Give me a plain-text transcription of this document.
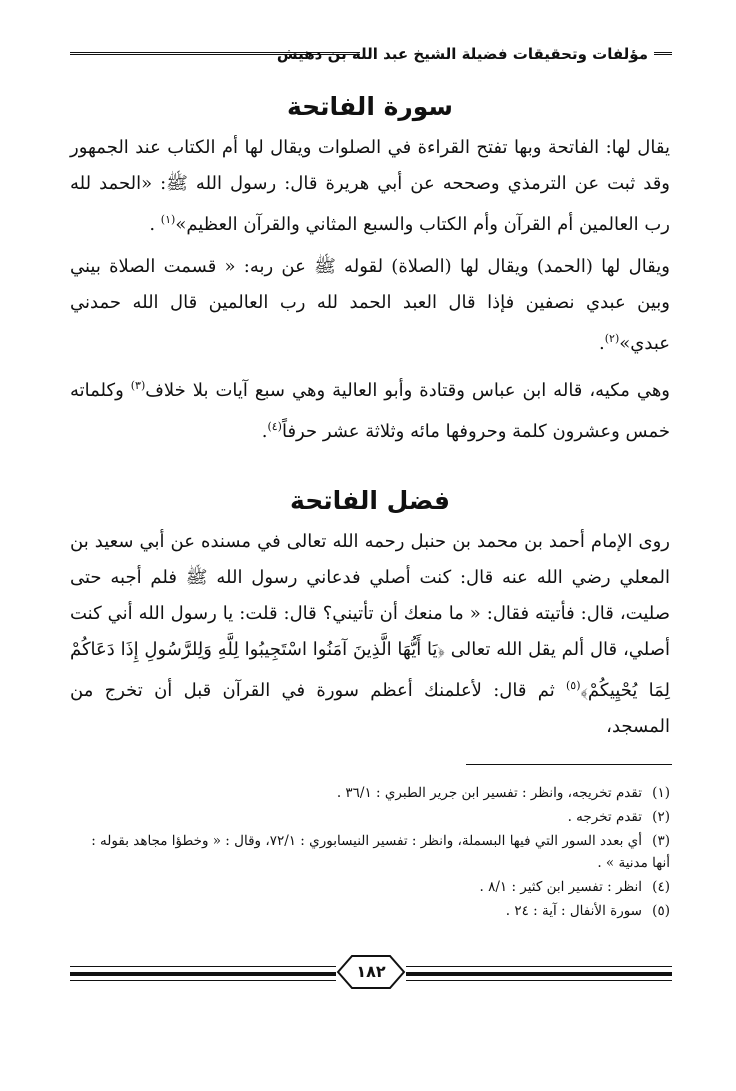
مؤلفات وتحقيقات فضيلة الشيخ عبد الله بن دهيش
سورة الفاتحة

يقال لها: الفاتحة وبها تفتح القراءة في الصلوات ويقال لها أم الكتاب عند الجمهور وقد ثبت عن الترمذي وصححه عن أبي هريرة قال: رسول الله ﷺ: «الحمد لله رب العالمين أم القرآن وأم الكتاب والسبع المثاني والقرآن العظيم»$^{(١)}$ .

ويقال لها (الحمد) ويقال لها (الصلاة) لقوله ﷺ عن ربه: « قسمت الصلاة بيني وبين عبدي نصفين فإذا قال العبد الحمد لله رب العالمين قال الله حمدني عبدي»$^{(٢)}$.

وهي مكيه، قاله ابن عباس وقتادة وأبو العالية وهي سبع آيات بلا خلاف$^{(٣)}$ وكلماته خمس وعشرون كلمة وحروفها مائه وثلاثة عشر حرفاً$^{(٤)}$.

فضل الفاتحة

روى الإمام أحمد بن محمد بن حنبل رحمه الله تعالى في مسنده عن أبي سعيد بن المعلي رضي الله عنه قال: كنت أصلي فدعاني رسول الله ﷺ فلم أجبه حتى صليت، قال: فأتيته فقال: « ما منعك أن تأتيني؟ قال: قلت: يا رسول الله أني كنت أصلي، قال ألم يقل الله تعالى ﴿يَا أَيُّهَا الَّذِينَ آمَنُوا اسْتَجِيبُوا لِلَّهِ وَلِلرَّسُولِ إِذَا دَعَاكُمْ لِمَا يُحْيِيكُمْ﴾$^{(٥)}$ ثم قال: لأعلمنك أعظم سورة في القرآن قبل أن تخرج من المسجد،

(١)تقدم تخريجه، وانظر : تفسير ابن جرير الطبري : ٣٦/١ .
(٢)تقدم تخرجه .
(٣)أي بعدد السور التي فيها البسملة، وانظر : تفسير النيسابوري : ٧٢/١، وقال : « وخطؤا مجاهد بقوله : أنها مدنية » .
(٤)انظر : تفسير ابن كثير : ٨/١ .
(٥)سورة الأنفال : آية : ٢٤ .
١٨٢
